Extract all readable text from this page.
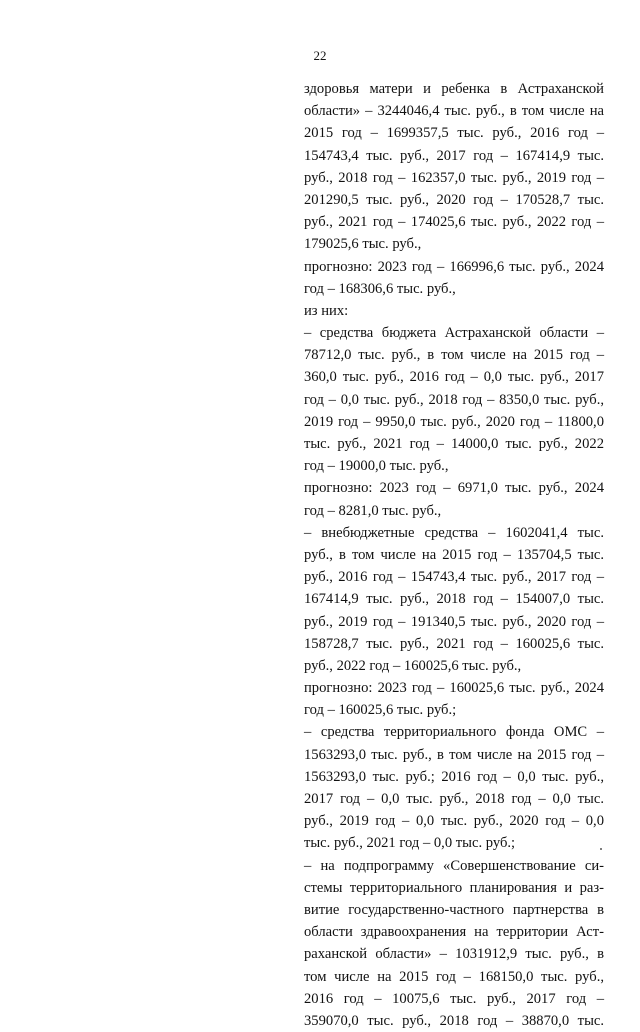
22
здоровья матери и ребенка в Астраханской
области» – 3244046,4 тыс. руб., в том числе на
2015 год – 1699357,5 тыс. руб., 2016 год –
154743,4 тыс. руб., 2017 год – 167414,9 тыс.
руб., 2018 год – 162357,0 тыс. руб., 2019 год –
201290,5 тыс. руб., 2020 год – 170528,7 тыс.
руб., 2021 год – 174025,6 тыс. руб., 2022 год –
179025,6 тыс. руб.,
прогнозно: 2023 год – 166996,6 тыс. руб., 2024
год – 168306,6 тыс. руб.,
из них:
– средства бюджета Астраханской области –
78712,0 тыс. руб., в том числе на 2015 год –
360,0 тыс. руб., 2016 год – 0,0 тыс. руб., 2017
год – 0,0 тыс. руб., 2018 год – 8350,0 тыс. руб.,
2019 год – 9950,0 тыс. руб., 2020 год – 11800,0
тыс. руб., 2021 год – 14000,0 тыс. руб., 2022
год – 19000,0 тыс. руб.,
прогнозно: 2023 год – 6971,0 тыс. руб., 2024
год – 8281,0 тыс. руб.,
– внебюджетные средства – 1602041,4 тыс.
руб., в том числе на 2015 год – 135704,5 тыс.
руб., 2016 год – 154743,4 тыс. руб., 2017 год –
167414,9 тыс. руб., 2018 год – 154007,0 тыс.
руб., 2019 год – 191340,5 тыс. руб., 2020 год –
158728,7 тыс. руб., 2021 год – 160025,6 тыс.
руб., 2022 год – 160025,6 тыс. руб.,
прогнозно: 2023 год – 160025,6 тыс. руб., 2024
год – 160025,6 тыс. руб.;
– средства территориального фонда ОМС –
1563293,0 тыс. руб., в том числе на 2015 год –
1563293,0 тыс. руб.; 2016 год – 0,0 тыс. руб.,
2017 год – 0,0 тыс. руб., 2018 год – 0,0 тыс.
руб., 2019 год – 0,0 тыс. руб., 2020 год – 0,0
тыс. руб., 2021 год – 0,0 тыс. руб.;
– на подпрограмму «Совершенствование си-
стемы территориального планирования и раз-
витие государственно-частного партнерства в
области здравоохранения на территории Аст-
раханской области» – 1031912,9 тыс. руб., в
том числе на 2015 год – 168150,0 тыс. руб.,
2016 год – 10075,6 тыс. руб., 2017 год –
359070,0 тыс. руб., 2018 год – 38870,0 тыс.
